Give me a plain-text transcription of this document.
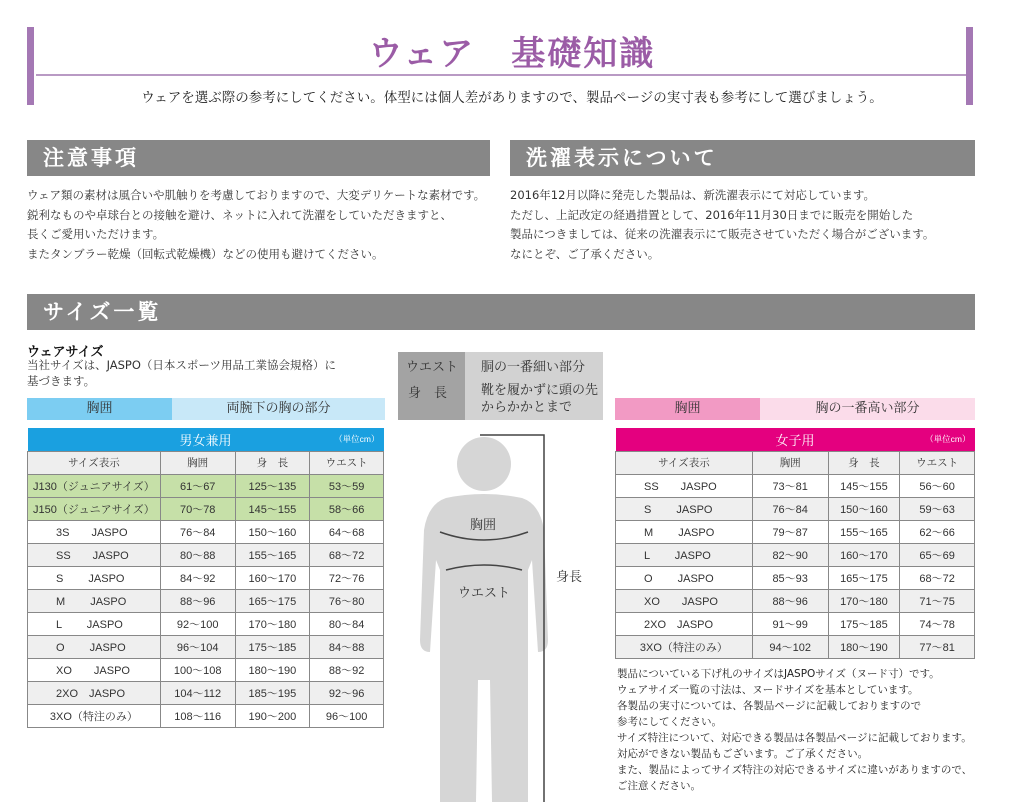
ウェア　基礎知識
ウェアを選ぶ際の参考にしてください。体型には個人差がありますので、製品ページの実寸表も参考にして選びましょう。
注意事項
ウェア類の素材は風合いや肌触りを考慮しておりますので、大変デリケートな素材です。
鋭利なものや卓球台との接触を避け、ネットに入れて洗濯をしていただきますと、
長くご愛用いただけます。
またタンブラー乾燥（回転式乾燥機）などの使用も避けてください。
洗濯表示について
2016年12月以降に発売した製品は、新洗濯表示にて対応しています。
ただし、上記改定の経過措置として、2016年11月30日までに販売を開始した
製品につきましては、従来の洗濯表示にて販売させていただく場合がございます。
なにとぞ、ご了承ください。
サイズ一覧
ウェアサイズ
当社サイズは、JASPO（日本スポーツ用品工業協会規格）に
基づきます。
胸囲	両腕下の胸の部分
ウエスト 胴の一番細い部分
身　長	靴を履かずに頭の先からかかとまで	胸囲	胸の一番高い部分
胸囲
ウエスト
身長
男女兼用 （単位cm）			

サイズ表示	胸囲	身　長	ウエスト
J130（ジュニアサイズ）	61～67	125～135	53～59
J150（ジュニアサイズ）	70～78	145～155	58～66
3S　　JASPO	76～84	150～160	64～68
SS　　JASPO	80～88	155～165	68～72
S　　 JASPO	84～92	160～170	72～76
M　　 JASPO	88～96	165～175	76～80
L　　 JASPO	92～100	170～180	80～84
O　　 JASPO	96～104	175～185	84～88
XO　　JASPO	100～108	180～190	88～92
2XO　JASPO	104～112	185～195	92～96
3XO（特注のみ）	108～116	190～200	96～100
女子用 （単位cm）			

サイズ表示	胸囲	身　長	ウエスト
SS　　JASPO	73～81	145～155	56～60
S　　 JASPO	76～84	150～160	59～63
M　　 JASPO	79～87	155～165	62～66
L　　 JASPO	82～90	160～170	65～69
O　　 JASPO	85～93	165～175	68～72
XO　　JASPO	88～96	170～180	71～75
2XO　JASPO	91～99	175～185	74～78
3XO（特注のみ）	94～102	180～190	77～81
製品についている下げ札のサイズはJASPOサイズ（ヌード寸）です。
ウェアサイズ一覧の寸法は、ヌードサイズを基本としています。
各製品の実寸については、各製品ページに記載しておりますので
参考にしてください。
サイズ特注について、対応できる製品は各製品ページに記載しております。
対応ができない製品もございます。ご了承ください。
また、製品によってサイズ特注の対応できるサイズに違いがありますので、
ご注意ください。
